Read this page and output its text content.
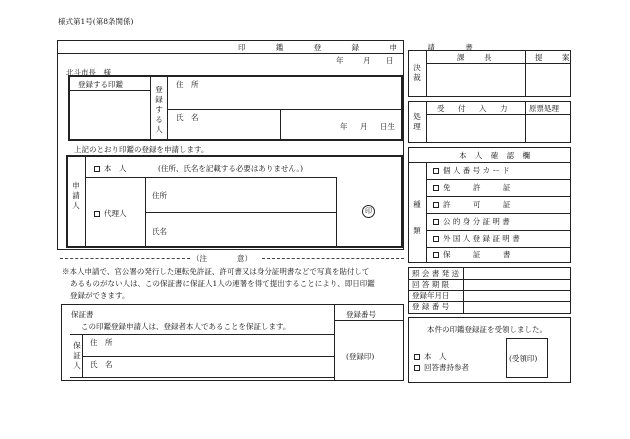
様式第1号(第8条関係)
印 鑑 登 録 申 請 書
年	月 日
北斗市長　様
登録する印鑑
登録する人
住　所
氏　名
年 月 日生
上記のとおり印鑑の登録を申請します。
申請人
本　人	(住所、氏名を記載する必要はありません。)
代理人
住所
氏名
印
決裁
課　長	提　案
処理
受　付　入　力 原票処理
本 人 確 認 欄
種類
個 人 番 号 カ ー ド
免　　　許　　　証
許　　　可　　　証
公 的 身 分 証 明 書
外 国 人 登 録 証 明 書
保　　　証　　　書
（注　　　　意）
※本人申請で、官公署の発行した運転免許証、許可書又は身分証明書などで写真を貼付して
あるものがない人は、この保証書に保証人1人の連署を得て提出することにより、即日印鑑
登録ができます。
照 会 書 発 送
回 答 期 限
登録年月日
登 録 番 号
保証書
この印鑑登録申請人は、登録者本人であることを保証します。
登録番号
(登録印)
保証人
住　所
氏　名
本件の印鑑登録証を受領しました。
本　人
回答書持参者
(受領印)
